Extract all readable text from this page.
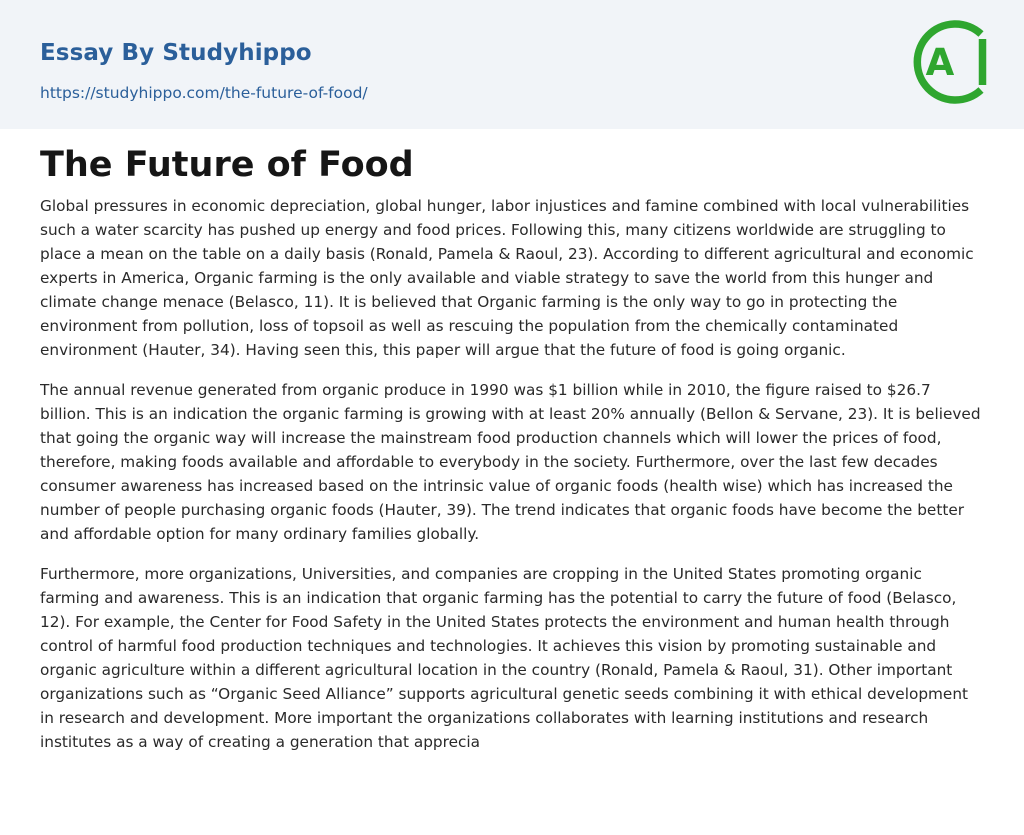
Essay By Studyhippo
https://studyhippo.com/the-future-of-food/
A
The Future of Food

Global pressures in economic depreciation, global hunger, labor injustices and famine combined with local vulnerabilities such a water scarcity has pushed up energy and food prices. Following this, many citizens worldwide are struggling to place a mean on the table on a daily basis (Ronald, Pamela & Raoul, 23). According to different agricultural and economic experts in America, Organic farming is the only available and viable strategy to save the world from this hunger and climate change menace (Belasco, 11). It is believed that Organic farming is the only way to go in protecting the environment from pollution, loss of topsoil as well as rescuing the population from the chemically contaminated environment (Hauter, 34). Having seen this, this paper will argue that the future of food is going organic.

The annual revenue generated from organic produce in 1990 was $1 billion while in 2010, the figure raised to $26.7 billion. This is an indication the organic farming is growing with at least 20% annually (Bellon & Servane, 23). It is believed that going the organic way will increase the mainstream food production channels which will lower the prices of food, therefore, making foods available and affordable to everybody in the society. Furthermore, over the last few decades consumer awareness has increased based on the intrinsic value of organic foods (health wise) which has increased the number of people purchasing organic foods (Hauter, 39). The trend indicates that organic foods have become the better and affordable option for many ordinary families globally.

Furthermore, more organizations, Universities, and companies are cropping in the United States promoting organic farming and awareness. This is an indication that organic farming has the potential to carry the future of food (Belasco, 12). For example, the Center for Food Safety in the United States protects the environment and human health through control of harmful food production techniques and technologies. It achieves this vision by promoting sustainable and organic agriculture within a different agricultural location in the country (Ronald, Pamela & Raoul, 31). Other important organizations such as “Organic Seed Alliance” supports agricultural genetic seeds combining it with ethical development in research and development. More important the organizations collaborates with learning institutions and research institutes as a way of creating a generation that apprecia
